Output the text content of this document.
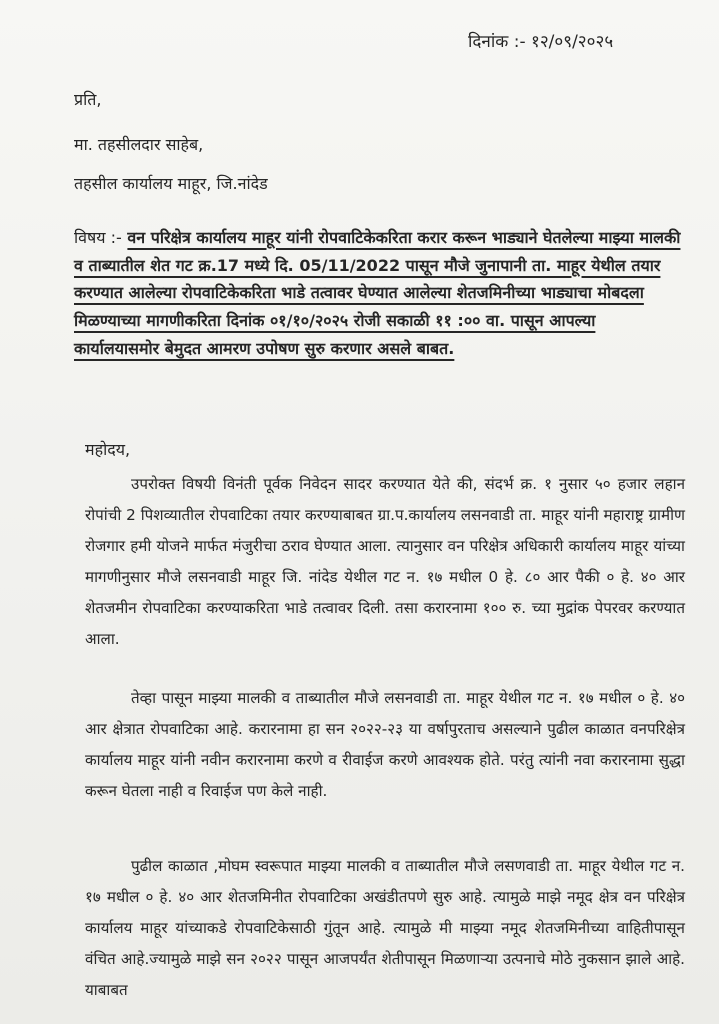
दिनांक :- १२/०९/२०२५
प्रति,
मा. तहसीलदार साहेब,
तहसील कार्यालय माहूर, जि.नांदेड
विषय :- वन परिक्षेत्र कार्यालय माहूर यांनी रोपवाटिकेकरिता करार करून भाड्याने घेतलेल्या माझ्या मालकी व ताब्यातील शेत गट क्र.17 मध्ये दि. 05/11/2022 पासून मौजे जुनापानी ता. माहूर येथील तयार करण्यात आलेल्या रोपवाटिकेकरिता भाडे तत्वावर घेण्यात आलेल्या शेतजमिनीच्या भाड्याचा मोबदला मिळण्याच्या मागणीकरिता दिनांक ०१/१०/२०२५ रोजी सकाळी ११ :०० वा. पासून आपल्या कार्यालयासमोर बेमुदत आमरण उपोषण सुरु करणार असले बाबत.
महोदय,
उपरोक्त विषयी विनंती पूर्वक निवेदन सादर करण्यात येते की, संदर्भ क्र. १ नुसार ५० हजार लहान रोपांची 2 पिशव्यातील रोपवाटिका तयार करण्याबाबत ग्रा.प.कार्यालय लसनवाडी ता. माहूर यांनी महाराष्ट्र ग्रामीण रोजगार हमी योजने मार्फत मंजुरीचा ठराव घेण्यात आला. त्यानुसार वन परिक्षेत्र अधिकारी कार्यालय माहूर यांच्या मागणीनुसार मौजे लसनवाडी माहूर जि. नांदेड येथील गट न. १७ मधील 0 हे. ८० आर पैकी ० हे. ४० आर शेतजमीन रोपवाटिका करण्याकरिता भाडे तत्वावर दिली. तसा करारनामा १०० रु. च्या मुद्रांक पेपरवर करण्यात आला.
तेव्हा पासून माझ्या मालकी व ताब्यातील मौजे लसनवाडी ता. माहूर येथील गट न. १७ मधील ० हे. ४० आर क्षेत्रात रोपवाटिका आहे. करारनामा हा सन २०२२-२३ या वर्षापुरताच असल्याने पुढील काळात वनपरिक्षेत्र कार्यालय माहूर यांनी नवीन करारनामा करणे व रीवाईज करणे आवश्यक होते. परंतु त्यांनी नवा करारनामा सुद्धा करून घेतला नाही व रिवाईज पण केले नाही.
पुढील काळात ,मोघम स्वरूपात माझ्या मालकी व ताब्यातील मौजे लसणवाडी ता. माहूर येथील गट न. १७ मधील ० हे. ४० आर शेतजमिनीत रोपवाटिका अखंडीतपणे सुरु आहे. त्यामुळे माझे नमूद क्षेत्र वन परिक्षेत्र कार्यालय माहूर यांच्याकडे रोपवाटिकेसाठी गुंतून आहे. त्यामुळे मी माझ्या नमूद शेतजमिनीच्या वाहितीपासून वंचित आहे.ज्यामुळे माझे सन २०२२ पासून आजपर्यंत शेतीपासून मिळणाऱ्या उत्पनाचे मोठे नुकसान झाले आहे. याबाबत
